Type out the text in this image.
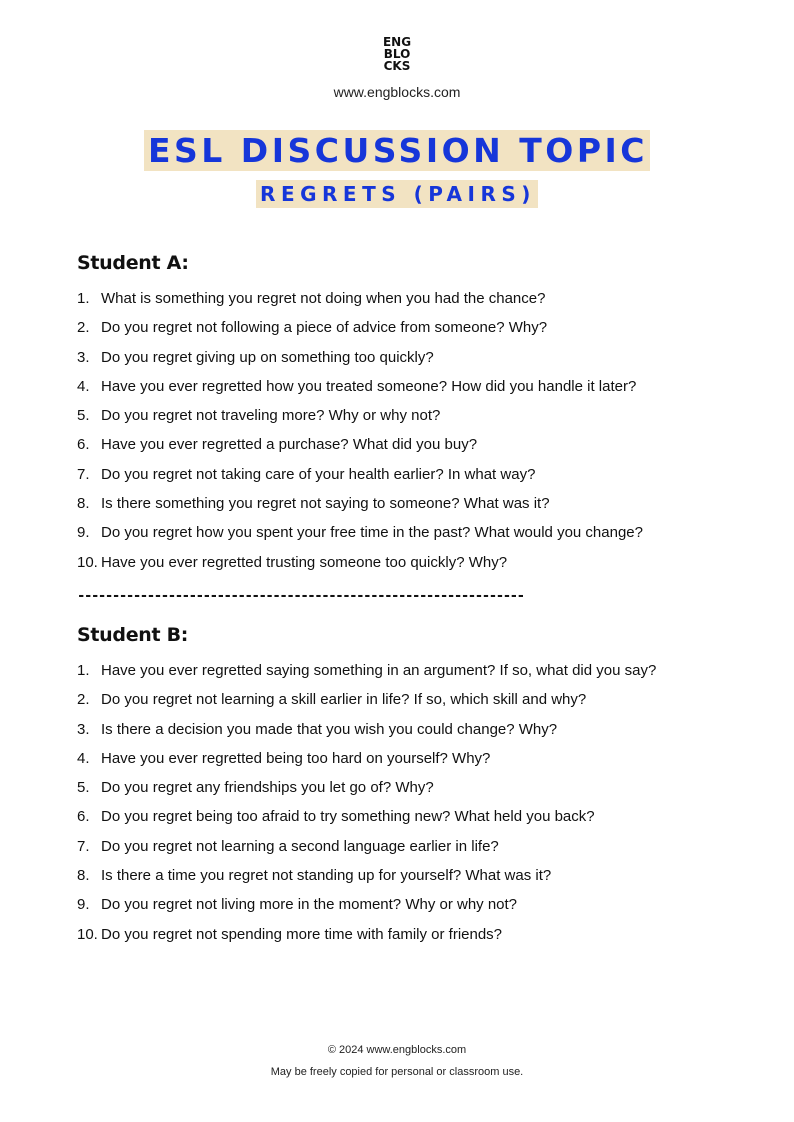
ENG
BLO
CKS
www.engblocks.com
ESL DISCUSSION TOPIC
REGRETS (PAIRS)
Student A:
1. What is something you regret not doing when you had the chance?
2. Do you regret not following a piece of advice from someone? Why?
3. Do you regret giving up on something too quickly?
4. Have you ever regretted how you treated someone? How did you handle it later?
5. Do you regret not traveling more? Why or why not?
6. Have you ever regretted a purchase? What did you buy?
7. Do you regret not taking care of your health earlier? In what way?
8. Is there something you regret not saying to someone? What was it?
9. Do you regret how you spent your free time in the past? What would you change?
10. Have you ever regretted trusting someone too quickly? Why?
----------------------------------------------------------------
Student B:
1. Have you ever regretted saying something in an argument? If so, what did you say?
2. Do you regret not learning a skill earlier in life? If so, which skill and why?
3. Is there a decision you made that you wish you could change? Why?
4. Have you ever regretted being too hard on yourself? Why?
5. Do you regret any friendships you let go of? Why?
6. Do you regret being too afraid to try something new? What held you back?
7. Do you regret not learning a second language earlier in life?
8. Is there a time you regret not standing up for yourself? What was it?
9. Do you regret not living more in the moment? Why or why not?
10. Do you regret not spending more time with family or friends?
© 2024 www.engblocks.com
May be freely copied for personal or classroom use.
